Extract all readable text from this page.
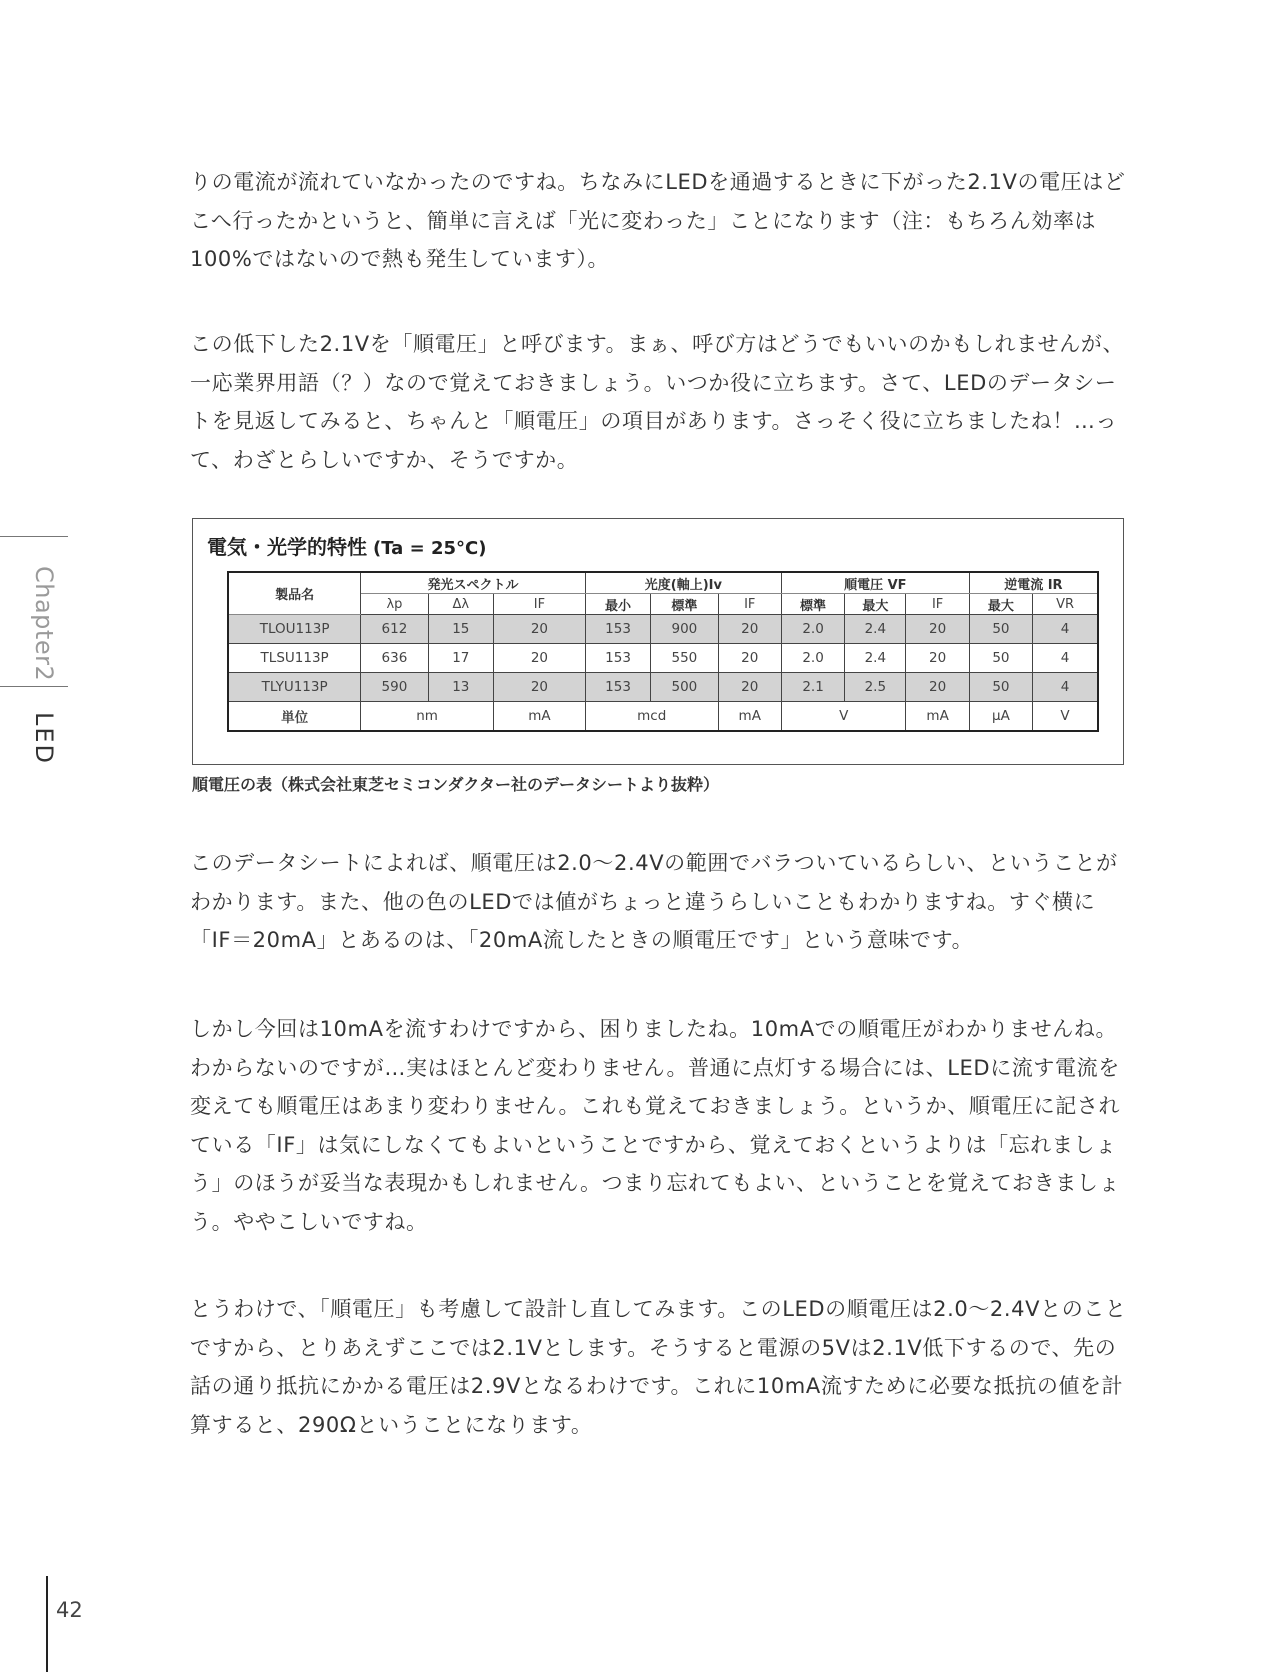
Chapter2
LED

りの電流が流れていなかったのですね。ちなみにLEDを通過するときに下がった2.1Vの電圧はどこへ行ったかというと、簡単に言えば「光に変わった」ことになります（注：もちろん効率は100%ではないので熱も発生しています）。

この低下した2.1Vを「順電圧」と呼びます。まぁ、呼び方はどうでもいいのかもしれませんが、一応業界用語（？）なので覚えておきましょう。いつか役に立ちます。さて、LEDのデータシートを見返してみると、ちゃんと「順電圧」の項目があります。さっそく役に立ちましたね！…って、わざとらしいですか、そうですか。

電気・光学的特性 (Ta = 25°C)
製品名	発光スペクトル			光度(軸上)Iv			順電圧 VF			逆電流 IR	
	λp	Δλ	IF	最小	標準	IF	標準	最大	IF	最大	VR
TLOU113P	612	15	20	153	900	20	2.0	2.4	20	50	4
TLSU113P	636	17	20	153	550	20	2.0	2.4	20	50	4
TLYU113P	590	13	20	153	500	20	2.1	2.5	20	50	4
単位	nm		mA	mcd		mA	V		mA	μA	V
順電圧の表（株式会社東芝セミコンダクター社のデータシートより抜粋）

このデータシートによれば、順電圧は2.0〜2.4Vの範囲でバラついているらしい、ということがわかります。また、他の色のLEDでは値がちょっと違うらしいこともわかりますね。すぐ横に「IF＝20mA」とあるのは、「20mA流したときの順電圧です」という意味です。

しかし今回は10mAを流すわけですから、困りましたね。10mAでの順電圧がわかりませんね。わからないのですが…実はほとんど変わりません。普通に点灯する場合には、LEDに流す電流を変えても順電圧はあまり変わりません。これも覚えておきましょう。というか、順電圧に記されている「IF」は気にしなくてもよいということですから、覚えておくというよりは「忘れましょう」のほうが妥当な表現かもしれません。つまり忘れてもよい、ということを覚えておきましょう。ややこしいですね。

とうわけで、「順電圧」も考慮して設計し直してみます。このLEDの順電圧は2.0〜2.4Vとのことですから、とりあえずここでは2.1Vとします。そうすると電源の5Vは2.1V低下するので、先の話の通り抵抗にかかる電圧は2.9Vとなるわけです。これに10mA流すために必要な抵抗の値を計算すると、290Ωということになります。

42
